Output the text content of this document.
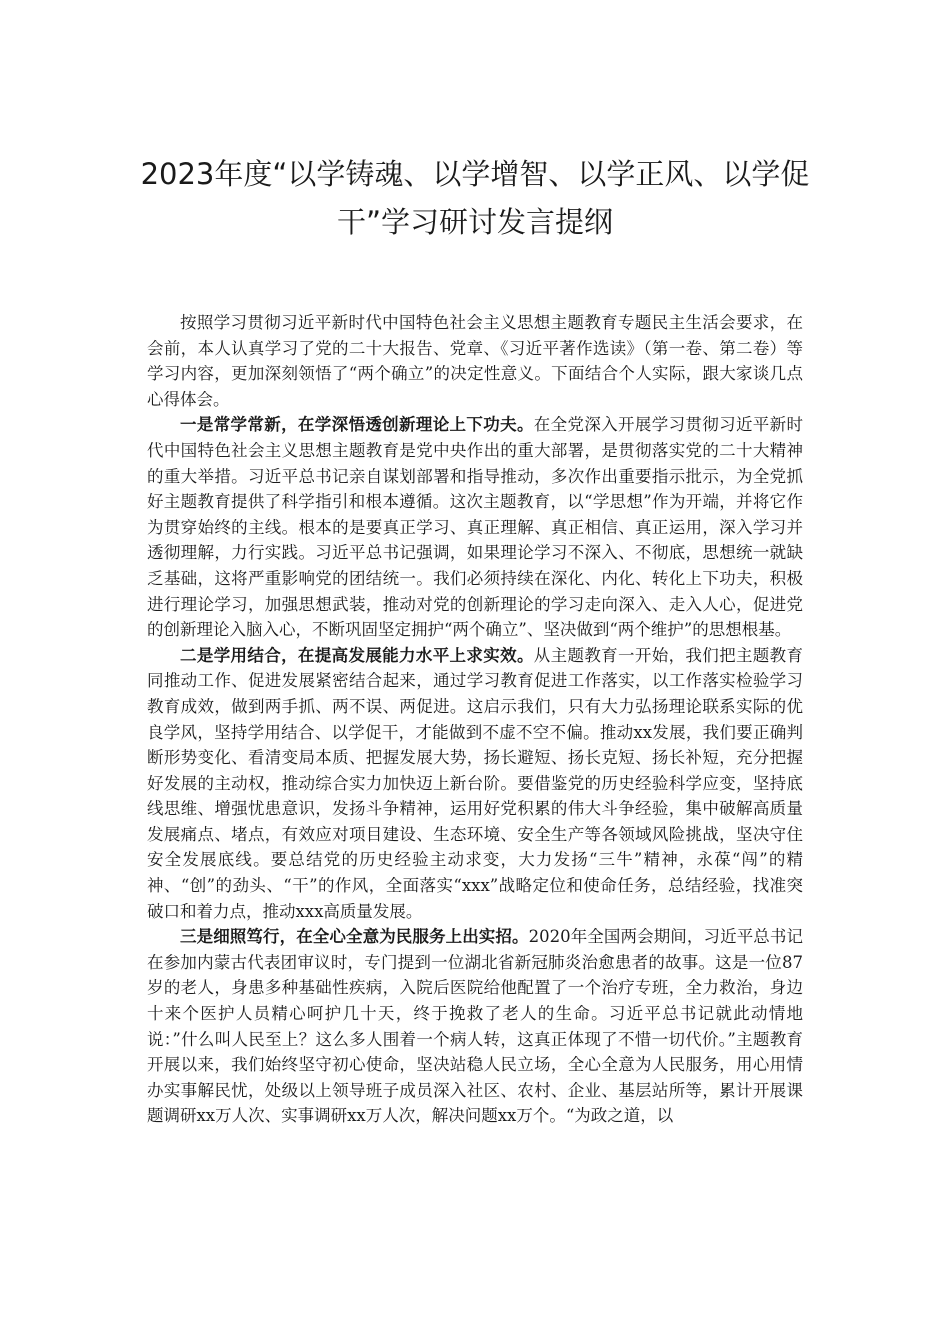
2023年度“以学铸魂、以学增智、以学正风、以学促干”学习研讨发言提纲

按照学习贯彻习近平新时代中国特色社会主义思想主题教育专题民主生活会要求，在会前，本人认真学习了党的二十大报告、党章、《习近平著作选读》（第一卷、第二卷）等学习内容，更加深刻领悟了“两个确立”的决定性意义。下面结合个人实际，跟大家谈几点心得体会。

一是常学常新，在学深悟透创新理论上下功夫。在全党深入开展学习贯彻习近平新时代中国特色社会主义思想主题教育是党中央作出的重大部署，是贯彻落实党的二十大精神的重大举措。习近平总书记亲自谋划部署和指导推动，多次作出重要指示批示，为全党抓好主题教育提供了科学指引和根本遵循。这次主题教育，以“学思想”作为开端，并将它作为贯穿始终的主线。根本的是要真正学习、真正理解、真正相信、真正运用，深入学习并透彻理解，力行实践。习近平总书记强调，如果理论学习不深入、不彻底，思想统一就缺乏基础，这将严重影响党的团结统一。我们必须持续在深化、内化、转化上下功夫，积极进行理论学习，加强思想武装，推动对党的创新理论的学习走向深入、走入人心，促进党的创新理论入脑入心，不断巩固坚定拥护“两个确立”、坚决做到“两个维护”的思想根基。

二是学用结合，在提高发展能力水平上求实效。从主题教育一开始，我们把主题教育同推动工作、促进发展紧密结合起来，通过学习教育促进工作落实，以工作落实检验学习教育成效，做到两手抓、两不误、两促进。这启示我们，只有大力弘扬理论联系实际的优良学风，坚持学用结合、以学促干，才能做到不虚不空不偏。推动xx发展，我们要正确判断形势变化、看清变局本质、把握发展大势，扬长避短、扬长克短、扬长补短，充分把握好发展的主动权，推动综合实力加快迈上新台阶。要借鉴党的历史经验科学应变，坚持底线思维、增强忧患意识，发扬斗争精神，运用好党积累的伟大斗争经验，集中破解高质量发展痛点、堵点，有效应对项目建设、生态环境、安全生产等各领域风险挑战，坚决守住安全发展底线。要总结党的历史经验主动求变，大力发扬“三牛”精神，永葆“闯”的精神、“创”的劲头、“干”的作风，全面落实“xxx”战略定位和使命任务，总结经验，找准突破口和着力点，推动xxx高质量发展。

三是细照笃行，在全心全意为民服务上出实招。2020年全国两会期间，习近平总书记在参加内蒙古代表团审议时，专门提到一位湖北省新冠肺炎治愈患者的故事。这是一位87岁的老人，身患多种基础性疾病，入院后医院给他配置了一个治疗专班，全力救治，身边十来个医护人员精心呵护几十天，终于挽救了老人的生命。习近平总书记就此动情地说：”什么叫人民至上？这么多人围着一个病人转，这真正体现了不惜一切代价。”主题教育开展以来，我们始终坚守初心使命，坚决站稳人民立场，全心全意为人民服务，用心用情办实事解民忧，处级以上领导班子成员深入社区、农村、企业、基层站所等，累计开展课题调研xx万人次、实事调研xx万人次，解决问题xx万个。“为政之道，以
